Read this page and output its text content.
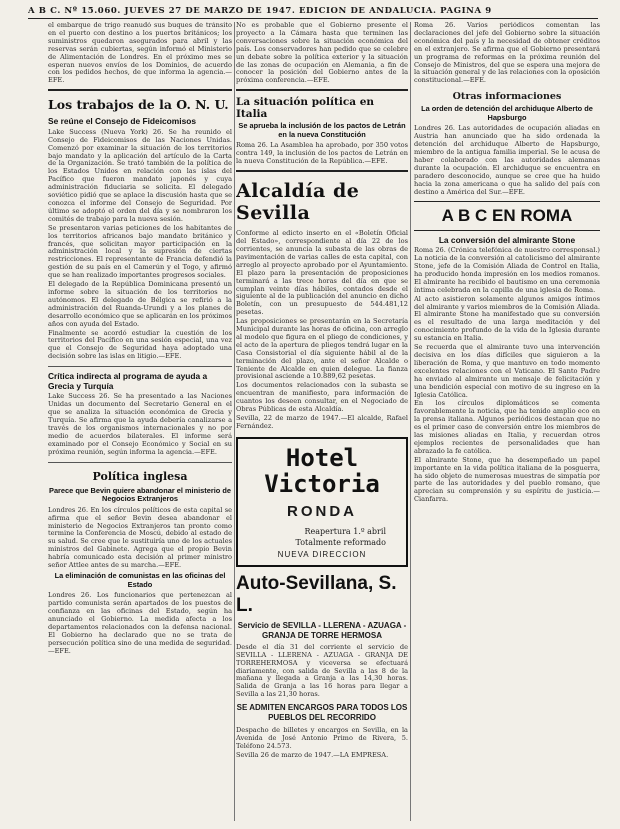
A B C. Nº 15.060. JUEVES 27 DE MARZO DE 1947. EDICION DE ANDALUCIA. PAGINA 9

el embarque de trigo reanudó sus buques de tránsito en el puerto con destino a los puertos británicos; los suministros quedaron asegurados para abril y las reservas serán cubiertas, según informó el Ministerio de Alimentación de Londres. En el próximo mes se esperan nuevos envíos de los Dominios, de acuerdo con los pedidos hechos, de que informa la agencia.—EFE.

Los trabajos de la O. N. U.
Se reúne el Consejo de Fideicomisos

Lake Success (Nueva York) 26. Se ha reunido el Consejo de Fideicomisos de las Naciones Unidas. Comenzó por examinar la situación de los territorios bajo mandato y la aplicación del artículo de la Carta de la Organización. Se trató también de la política de los Estados Unidos en relación con las islas del Pacífico que fueron mandato japonés y cuya administración fiduciaria se solicita. El delegado soviético pidió que se aplace la discusión hasta que se conozca el informe del Consejo de Seguridad. Por último se adoptó el orden del día y se nombraron los comités de trabajo para la nueva sesión.

Se presentaron varias peticiones de los habitantes de los territorios africanos bajo mandato británico y francés, que solicitan mayor participación en la administración local y la supresión de ciertas restricciones. El representante de Francia defendió la gestión de su país en el Camerún y el Togo, y afirmó que se han realizado importantes progresos sociales.

El delegado de la República Dominicana presentó un informe sobre la situación de los territorios no autónomos. El delegado de Bélgica se refirió a la administración del Ruanda-Urundi y a los planes de desarrollo económico que se aplicarán en los próximos años con ayuda del Estado.

Finalmente se acordó estudiar la cuestión de los territorios del Pacífico en una sesión especial, una vez que el Consejo de Seguridad haya adoptado una decisión sobre las islas en litigio.—EFE.

Crítica indirecta al programa de ayuda a Grecia y Turquía

Lake Success 26. Se ha presentado a las Naciones Unidas un documento del Secretario General en el que se analiza la situación económica de Grecia y Turquía. Se afirma que la ayuda debería canalizarse a través de los organismos internacionales y no por medio de acuerdos bilaterales. El informe será examinado por el Consejo Económico y Social en su próxima reunión, según informa la agencia.—EFE.

Política inglesa
Parece que Bevin quiere abandonar el ministerio de Negocios Extranjeros

Londres 26. En los círculos políticos de esta capital se afirma que el señor Bevin desea abandonar el ministerio de Negocios Extranjeros tan pronto como termine la Conferencia de Moscú, debido al estado de su salud. Se cree que le sustituiría uno de los actuales ministros del Gabinete. Agrega que el propio Bevin habría comunicado esta decisión al primer ministro señor Attlee antes de su marcha.—EFE.

La eliminación de comunistas en las oficinas del Estado

Londres 26. Los funcionarios que pertenezcan al partido comunista serán apartados de los puestos de confianza en las oficinas del Estado, según ha anunciado el Gobierno. La medida afecta a los departamentos relacionados con la defensa nacional. El Gobierno ha declarado que no se trata de persecución política sino de una medida de seguridad.—EFE.

No es probable que el Gobierno presente el proyecto a la Cámara hasta que terminen las conversaciones sobre la situación económica del país. Los conservadores han pedido que se celebre un debate sobre la política exterior y la situación de las zonas de ocupación en Alemania, a fin de conocer la posición del Gobierno antes de la próxima conferencia.—EFE.

La situación política en Italia
Se aprueba la inclusión de los pactos de Letrán en la nueva Constitución

Roma 26. La Asamblea ha aprobado, por 350 votos contra 149, la inclusión de los pactos de Letrán en la nueva Constitución de la República.—EFE.

Alcaldía de Sevilla

Conforme al edicto inserto en el «Boletín Oficial del Estado», correspondiente al día 22 de los corrientes, se anuncia la subasta de las obras de pavimentación de varias calles de esta capital, con arreglo al proyecto aprobado por el Ayuntamiento. El plazo para la presentación de proposiciones terminará a las trece horas del día en que se cumplan veinte días hábiles, contados desde el siguiente al de la publicación del anuncio en dicho Boletín, con un presupuesto de 544.481,12 pesetas.

Las proposiciones se presentarán en la Secretaría Municipal durante las horas de oficina, con arreglo al modelo que figura en el pliego de condiciones, y el acto de la apertura de pliegos tendrá lugar en la Casa Consistorial el día siguiente hábil al de la terminación del plazo, ante el señor Alcalde o Teniente de Alcalde en quien delegue. La fianza provisional asciende a 10.889,62 pesetas.

Los documentos relacionados con la subasta se encuentran de manifiesto, para información de cuantos los deseen consultar, en el Negociado de Obras Públicas de esta Alcaldía.

Sevilla, 22 de marzo de 1947.—El alcalde, Rafael Fernández.

Hotel Victoria
RONDA
Reapertura 1.º abril
Totalmente reformado
NUEVA DIRECCION
Auto-Sevillana, S. L.
Servicio de SEVILLA - LLERENA - AZUAGA - GRANJA DE TORRE HERMOSA

Desde el día 31 del corriente el servicio de SEVILLA - LLERENA - AZUAGA - GRANJA DE TORREHERMOSA y viceversa se efectuará diariamente, con salida de Sevilla a las 8 de la mañana y llegada a Granja a las 14,30 horas. Salida de Granja a las 16 horas para llegar a Sevilla a las 21,30 horas.

SE ADMITEN ENCARGOS PARA TODOS LOS PUEBLOS DEL RECORRIDO

Despacho de billetes y encargos en Sevilla, en la Avenida de José Antonio Primo de Rivera, 5. Teléfono 24.573.

Sevilla 26 de marzo de 1947.—LA EMPRESA.

Roma 26. Varios periódicos comentan las declaraciones del jefe del Gobierno sobre la situación económica del país y la necesidad de obtener créditos en el extranjero. Se afirma que el Gobierno presentará un programa de reformas en la próxima reunión del Consejo de Ministros, del que se espera una mejora de la situación general y de las relaciones con la oposición constitucional.—EFE.

Otras informaciones
La orden de detención del archiduque Alberto de Hapsburgo

Londres 26. Las autoridades de ocupación aliadas en Austria han anunciado que ha sido ordenada la detención del archiduque Alberto de Hapsburgo, miembro de la antigua familia imperial. Se le acusa de haber colaborado con las autoridades alemanas durante la ocupación. El archiduque se encuentra en paradero desconocido, aunque se cree que ha huido hacia la zona americana o que ha salido del país con destino a América del Sur.—EFE.

A B C EN ROMA
La conversión del almirante Stone

Roma 26. (Crónica telefónica de nuestro corresponsal.) La noticia de la conversión al catolicismo del almirante Stone, jefe de la Comisión Aliada de Control en Italia, ha producido honda impresión en los medios romanos. El almirante ha recibido el bautismo en una ceremonia íntima celebrada en la capilla de una iglesia de Roma.

Al acto asistieron solamente algunos amigos íntimos del almirante y varios miembros de la Comisión Aliada. El almirante Stone ha manifestado que su conversión es el resultado de una larga meditación y del conocimiento profundo de la vida de la Iglesia durante su estancia en Italia.

Se recuerda que el almirante tuvo una intervención decisiva en los días difíciles que siguieron a la liberación de Roma, y que mantuvo en todo momento excelentes relaciones con el Vaticano. El Santo Padre ha enviado al almirante un mensaje de felicitación y una bendición especial con motivo de su ingreso en la Iglesia Católica.

En los círculos diplomáticos se comenta favorablemente la noticia, que ha tenido amplio eco en la prensa italiana. Algunos periódicos destacan que no es el primer caso de conversión entre los miembros de las misiones aliadas en Italia, y recuerdan otros ejemplos recientes de personalidades que han abrazado la fe católica.

El almirante Stone, que ha desempeñado un papel importante en la vida política italiana de la posguerra, ha sido objeto de numerosas muestras de simpatía por parte de las autoridades y del pueblo romano, que aprecian su comprensión y su espíritu de justicia.—Cianfarra.
